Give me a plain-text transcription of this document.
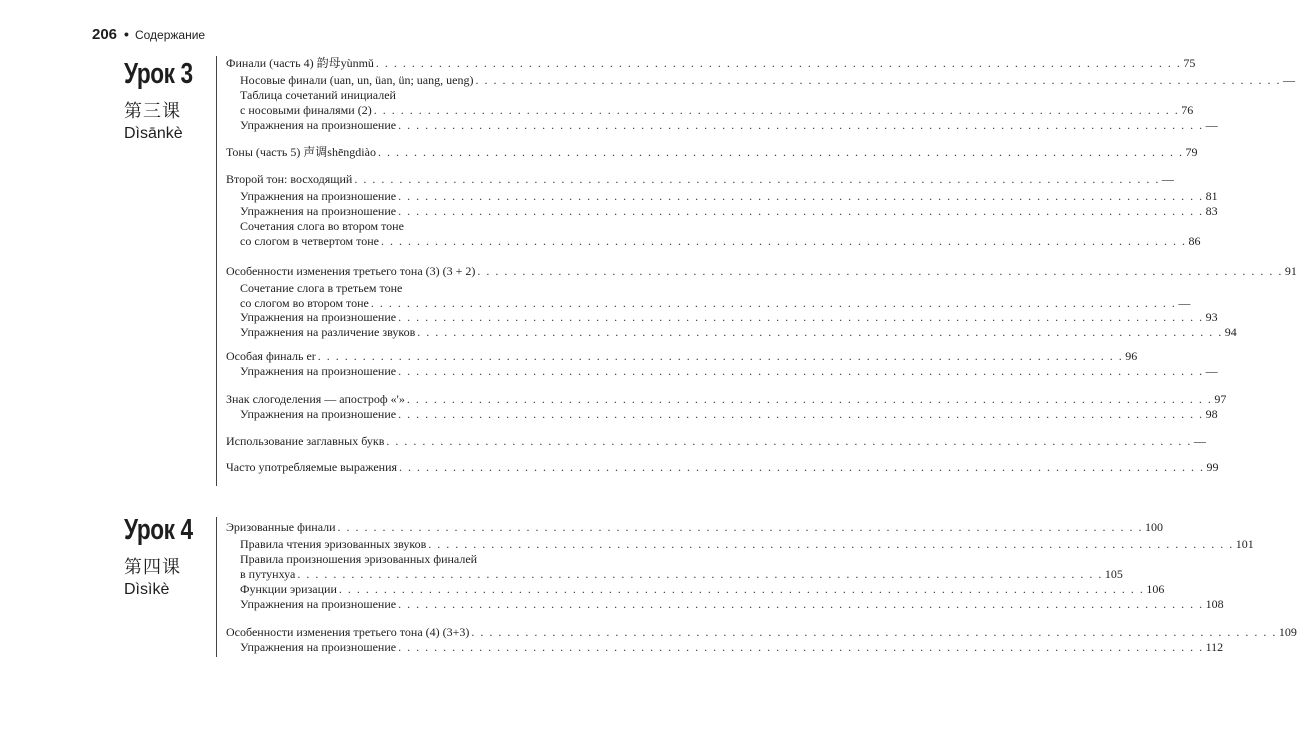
206 • Содержание
Урок 3
第三课
Dìsānkè
Урок 4
第四课
Dìsìkè
Финали (часть 4) 韵母yùnmǔ . . . . . . . . . . . . . . . . . . . . . . . . . . . . . . . . . . . . . . . . . . . . . . . . . . . . . . . . . . . . . . . . . . . . . . . . . . . . . . . . . . . . . . . . . . 75
Носовые финали (uan, un, üan, ün; uang, ueng) . . . . . . . . . . . . . . . . . . . . . . . . . . . . . . . . . . . . . . . . . . . . . . . . . . . . . . . . . . . . . . . . . . . . . . . . . . . . . . . . . . . . . . . . . . —
Таблица сочетаний инициалей
с носовыми финалями (2) . . . . . . . . . . . . . . . . . . . . . . . . . . . . . . . . . . . . . . . . . . . . . . . . . . . . . . . . . . . . . . . . . . . . . . . . . . . . . . . . . . . . . . . . . . 76
Упражнения на произношение . . . . . . . . . . . . . . . . . . . . . . . . . . . . . . . . . . . . . . . . . . . . . . . . . . . . . . . . . . . . . . . . . . . . . . . . . . . . . . . . . . . . . . . . . . —
Тоны (часть 5) 声调shēngdiào . . . . . . . . . . . . . . . . . . . . . . . . . . . . . . . . . . . . . . . . . . . . . . . . . . . . . . . . . . . . . . . . . . . . . . . . . . . . . . . . . . . . . . . . . . 79
Второй тон: восходящий . . . . . . . . . . . . . . . . . . . . . . . . . . . . . . . . . . . . . . . . . . . . . . . . . . . . . . . . . . . . . . . . . . . . . . . . . . . . . . . . . . . . . . . . . . —
Упражнения на произношение . . . . . . . . . . . . . . . . . . . . . . . . . . . . . . . . . . . . . . . . . . . . . . . . . . . . . . . . . . . . . . . . . . . . . . . . . . . . . . . . . . . . . . . . . . 81
Упражнения на произношение . . . . . . . . . . . . . . . . . . . . . . . . . . . . . . . . . . . . . . . . . . . . . . . . . . . . . . . . . . . . . . . . . . . . . . . . . . . . . . . . . . . . . . . . . . 83
Сочетания слога во втором тоне
со слогом в четвертом тоне . . . . . . . . . . . . . . . . . . . . . . . . . . . . . . . . . . . . . . . . . . . . . . . . . . . . . . . . . . . . . . . . . . . . . . . . . . . . . . . . . . . . . . . . . . 86
Особенности изменения третьего тона (3) (3 + 2) . . . . . . . . . . . . . . . . . . . . . . . . . . . . . . . . . . . . . . . . . . . . . . . . . . . . . . . . . . . . . . . . . . . . . . . . . . . . . . . . . . . . . . . . . . 91
Сочетание слога в третьем тоне
со слогом во втором тоне . . . . . . . . . . . . . . . . . . . . . . . . . . . . . . . . . . . . . . . . . . . . . . . . . . . . . . . . . . . . . . . . . . . . . . . . . . . . . . . . . . . . . . . . . . —
Упражнения на произношение . . . . . . . . . . . . . . . . . . . . . . . . . . . . . . . . . . . . . . . . . . . . . . . . . . . . . . . . . . . . . . . . . . . . . . . . . . . . . . . . . . . . . . . . . . 93
Упражнения на различение звуков . . . . . . . . . . . . . . . . . . . . . . . . . . . . . . . . . . . . . . . . . . . . . . . . . . . . . . . . . . . . . . . . . . . . . . . . . . . . . . . . . . . . . . . . . . 94
Особая финаль er . . . . . . . . . . . . . . . . . . . . . . . . . . . . . . . . . . . . . . . . . . . . . . . . . . . . . . . . . . . . . . . . . . . . . . . . . . . . . . . . . . . . . . . . . . 96
Упражнения на произношение . . . . . . . . . . . . . . . . . . . . . . . . . . . . . . . . . . . . . . . . . . . . . . . . . . . . . . . . . . . . . . . . . . . . . . . . . . . . . . . . . . . . . . . . . . —
Знак слогоделения — апостроф «'» . . . . . . . . . . . . . . . . . . . . . . . . . . . . . . . . . . . . . . . . . . . . . . . . . . . . . . . . . . . . . . . . . . . . . . . . . . . . . . . . . . . . . . . . . . 97
Упражнения на произношение . . . . . . . . . . . . . . . . . . . . . . . . . . . . . . . . . . . . . . . . . . . . . . . . . . . . . . . . . . . . . . . . . . . . . . . . . . . . . . . . . . . . . . . . . . 98
Использование заглавных букв . . . . . . . . . . . . . . . . . . . . . . . . . . . . . . . . . . . . . . . . . . . . . . . . . . . . . . . . . . . . . . . . . . . . . . . . . . . . . . . . . . . . . . . . . . —
Часто употребляемые выражения . . . . . . . . . . . . . . . . . . . . . . . . . . . . . . . . . . . . . . . . . . . . . . . . . . . . . . . . . . . . . . . . . . . . . . . . . . . . . . . . . . . . . . . . . . 99
Эризованные финали . . . . . . . . . . . . . . . . . . . . . . . . . . . . . . . . . . . . . . . . . . . . . . . . . . . . . . . . . . . . . . . . . . . . . . . . . . . . . . . . . . . . . . . . . . 100
Правила чтения эризованных звуков . . . . . . . . . . . . . . . . . . . . . . . . . . . . . . . . . . . . . . . . . . . . . . . . . . . . . . . . . . . . . . . . . . . . . . . . . . . . . . . . . . . . . . . . . . 101
Правила произношения эризованных финалей
в путунхуа . . . . . . . . . . . . . . . . . . . . . . . . . . . . . . . . . . . . . . . . . . . . . . . . . . . . . . . . . . . . . . . . . . . . . . . . . . . . . . . . . . . . . . . . . . 105
Функции эризации . . . . . . . . . . . . . . . . . . . . . . . . . . . . . . . . . . . . . . . . . . . . . . . . . . . . . . . . . . . . . . . . . . . . . . . . . . . . . . . . . . . . . . . . . . 106
Упражнения на произношение . . . . . . . . . . . . . . . . . . . . . . . . . . . . . . . . . . . . . . . . . . . . . . . . . . . . . . . . . . . . . . . . . . . . . . . . . . . . . . . . . . . . . . . . . . 108
Особенности изменения третьего тона (4) (3+3) . . . . . . . . . . . . . . . . . . . . . . . . . . . . . . . . . . . . . . . . . . . . . . . . . . . . . . . . . . . . . . . . . . . . . . . . . . . . . . . . . . . . . . . . . . 109
Упражнения на произношение . . . . . . . . . . . . . . . . . . . . . . . . . . . . . . . . . . . . . . . . . . . . . . . . . . . . . . . . . . . . . . . . . . . . . . . . . . . . . . . . . . . . . . . . . . 112
